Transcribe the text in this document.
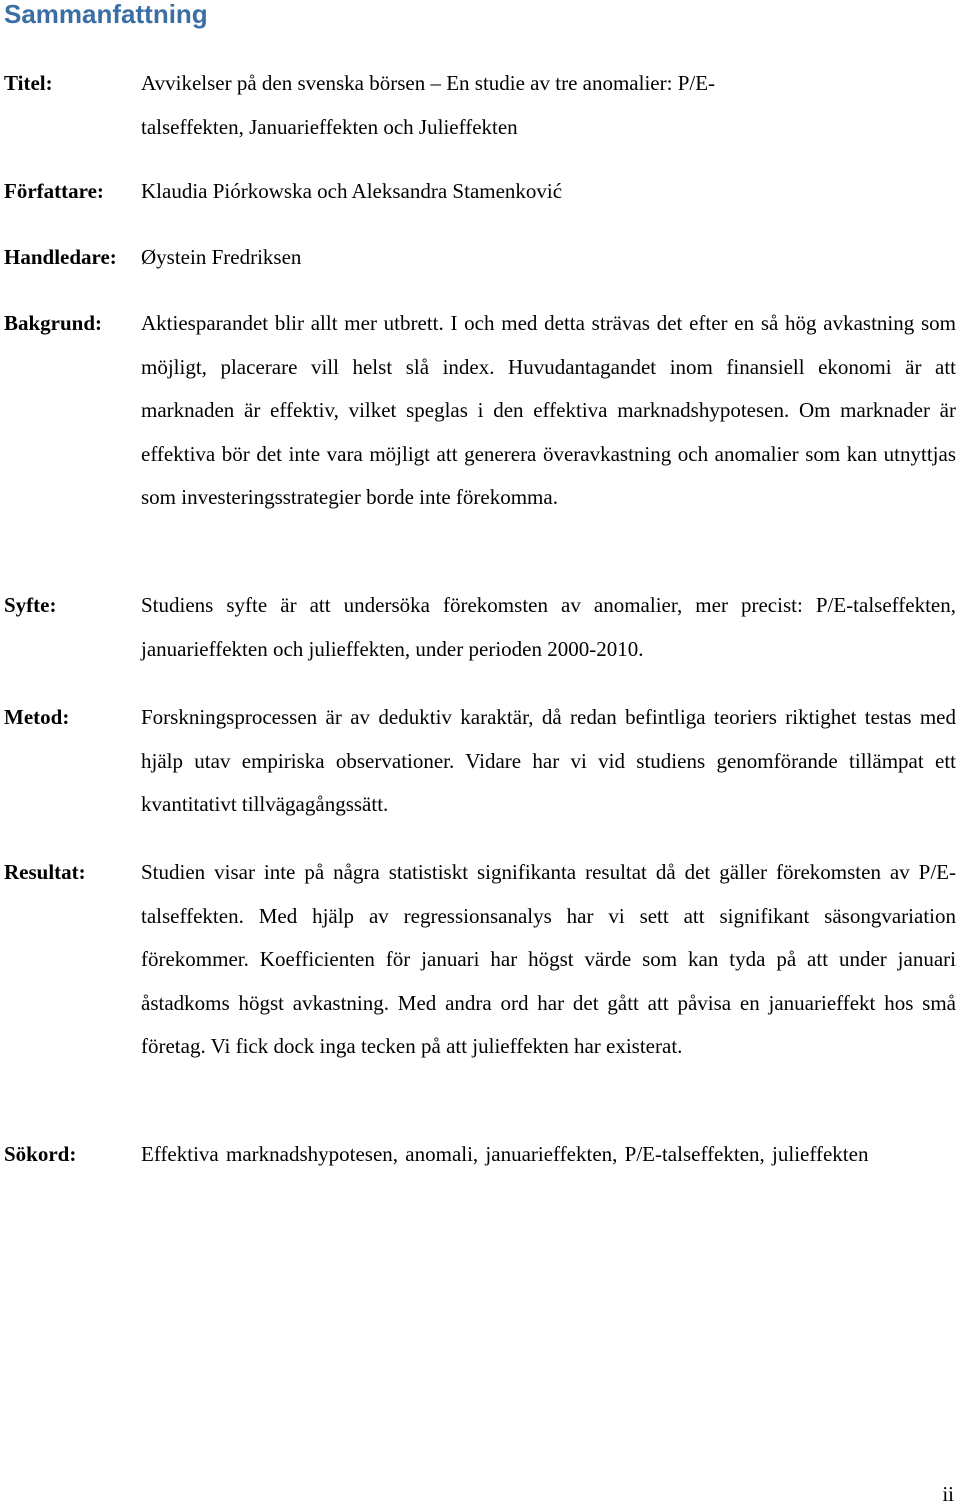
Sammanfattning
Titel:	Avvikelser på den svenska börsen – En studie av tre anomalier: P/E-
talseffekten, Januarieffekten och Julieffekten
Författare: Klaudia Piórkowska och Aleksandra Stamenković
Handledare: Øystein Fredriksen
Bakgrund: Aktiesparandet blir allt mer utbrett. I och med detta strävas det efter en så hög avkastning som möjligt, placerare vill helst slå index. Huvudantagandet inom finansiell ekonomi är att marknaden är effektiv, vilket speglas i den effektiva marknadshypotesen. Om marknader är effektiva bör det inte vara möjligt att generera överavkastning och anomalier som kan utnyttjas som investeringsstrategier borde inte förekomma.
Syfte:	Studiens syfte är att undersöka förekomsten av anomalier, mer precist: P/E-talseffekten, januarieffekten och julieffekten, under perioden 2000-2010.
Metod:	Forskningsprocessen är av deduktiv karaktär, då redan befintliga teoriers riktighet testas med hjälp utav empiriska observationer. Vidare har vi vid studiens genomförande tillämpat ett kvantitativt tillvägagångssätt.
Resultat:	Studien visar inte på några statistiskt signifikanta resultat då det gäller förekomsten av P/E-talseffekten. Med hjälp av regressionsanalys har vi sett att signifikant säsongvariation förekommer. Koefficienten för januari har högst värde som kan tyda på att under januari åstadkoms högst avkastning. Med andra ord har det gått att påvisa en januarieffekt hos små företag. Vi fick dock inga tecken på att julieffekten har existerat.
Sökord:	Effektiva marknadshypotesen, anomali, januarieffekten, P/E-talseffekten, julieffekten
ii
